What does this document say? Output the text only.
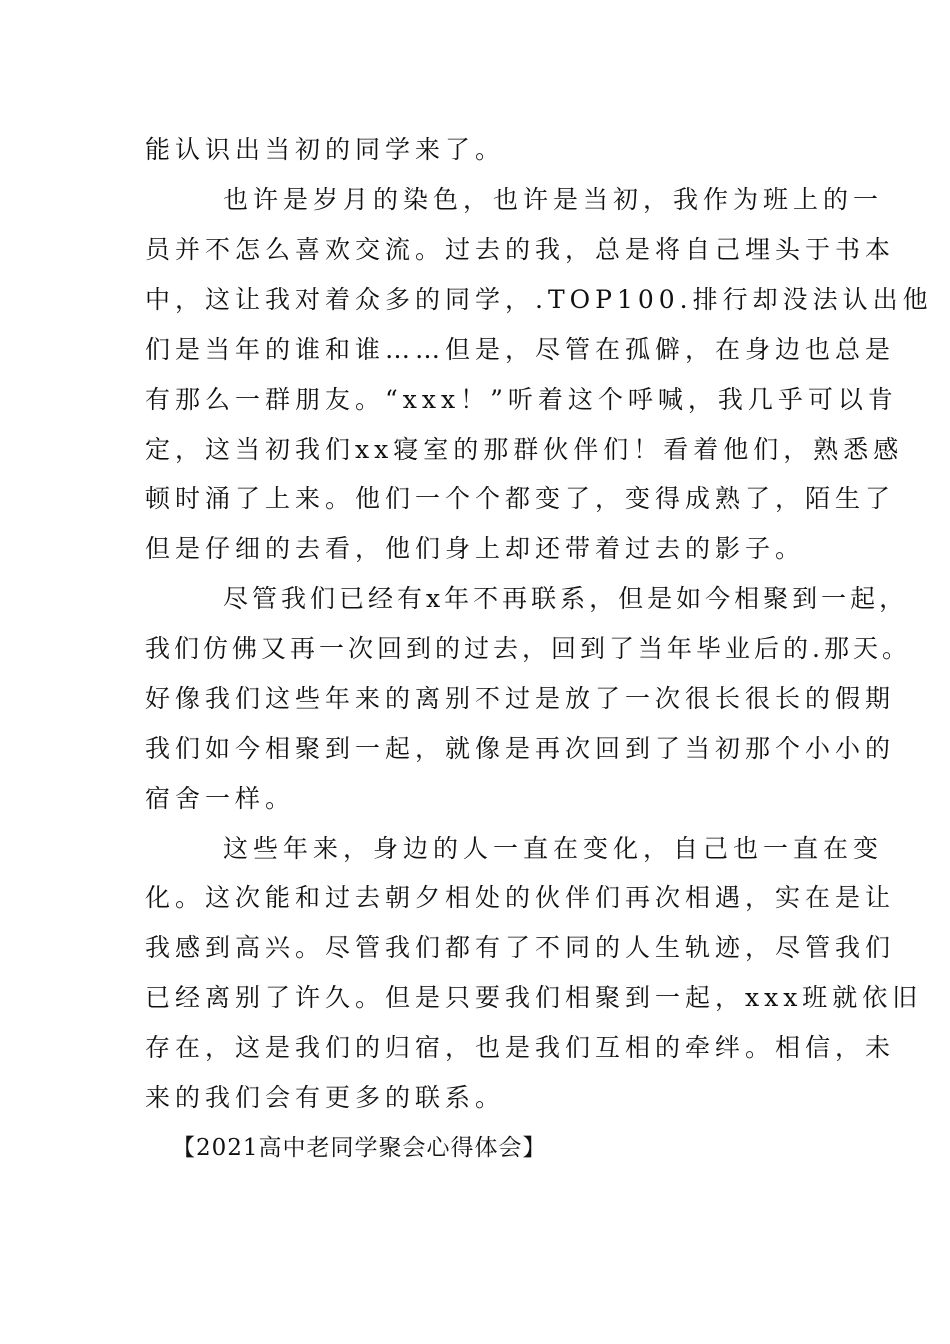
能认识出当初的同学来了。
也许是岁月的染色，也许是当初，我作为班上的一
员并不怎么喜欢交流。过去的我，总是将自己埋头于书本
中，这让我对着众多的同学，.TOP100.排行却没法认出他
们是当年的谁和谁……但是，尽管在孤僻，在身边也总是
有那么一群朋友。“xxx！”听着这个呼喊，我几乎可以肯
定，这当初我们xx寝室的那群伙伴们！看着他们，熟悉感
顿时涌了上来。他们一个个都变了，变得成熟了，陌生了
但是仔细的去看，他们身上却还带着过去的影子。
尽管我们已经有x年不再联系，但是如今相聚到一起，
我们仿佛又再一次回到的过去，回到了当年毕业后的.那天。
好像我们这些年来的离别不过是放了一次很长很长的假期
我们如今相聚到一起，就像是再次回到了当初那个小小的
宿舍一样。
这些年来，身边的人一直在变化，自己也一直在变
化。这次能和过去朝夕相处的伙伴们再次相遇，实在是让
我感到高兴。尽管我们都有了不同的人生轨迹，尽管我们
已经离别了许久。但是只要我们相聚到一起，xxx班就依旧
存在，这是我们的归宿，也是我们互相的牵绊。相信，未
来的我们会有更多的联系。
【2021高中老同学聚会心得体会】
